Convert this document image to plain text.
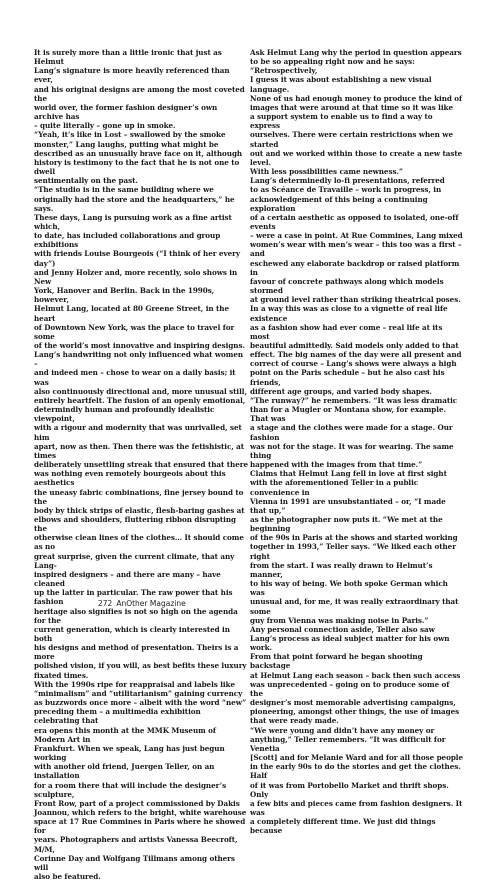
It is surely more than a little ironic that just as Helmut
Lang’s signature is more heavily referenced than ever,
and his original designs are among the most coveted the
world over, the former fashion designer’s own archive has
– quite literally – gone up in smoke.
“Yeah, it’s like in Lost – swallowed by the smoke
monster,” Lang laughs, putting what might be
described as an unusually brave face on it, although
history is testimony to the fact that he is not one to dwell
sentimentally on the past.
“The studio is in the same building where we
originally had the store and the headquarters,” he says.
These days, Lang is pursuing work as a fine artist which,
to date, has included collaborations and group exhibitions
with friends Louise Bourgeois (“I think of her every day”)
and Jenny Holzer and, more recently, solo shows in New
York, Hanover and Berlin. Back in the 1990s, however,
Helmut Lang, located at 80 Greene Street, in the heart
of Downtown New York, was the place to travel for some
of the world’s most innovative and inspiring designs.
Lang’s handwriting not only influenced what women –
and indeed men – chose to wear on a daily basis; it was
also continuously directional and, more unusual still,
entirely heartfelt. The fusion of an openly emotional,
determindly human and profoundly idealistic viewpoint,
with a rigour and modernity that was unrivalled, set him
apart, now as then. Then there was the fetishistic, at times
deliberately unsettling streak that ensured that there
was nothing even remotely bourgeois about this aesthetics
the uneasy fabric combinations, fine jersey bound to the
body by thick strips of elastic, flesh-baring gashes at
elbows and shoulders, fluttering ribbon disrupting the
otherwise clean lines of the clothes… It should come as no
great surprise, given the current climate, that any Lang-
inspired designers – and there are many – have cleaned
up the latter in particular. The raw power that his fashion
heritage also signifies is not so high on the agenda for the
current generation, which is clearly interested in both
his designs and method of presentation. Theirs is a more
polished vision, if you will, as best befits these luxury
fixated times.
With the 1990s ripe for reappraisal and labels like
“minimalism” and “utilitarianism” gaining currency
as buzzwords once more – albeit with the word “new”
preceding them – a multimedia exhibition celebrating that
era opens this month at the MMK Museum of Modern Art in
Frankfurt. When we speak, Lang has just begun working
with another old friend, Juergen Teller, on an installation
for a room there that will include the designer’s sculpture,
Front Row, part of a project commissioned by Dakis
Joannou, which refers to the bright, white warehouse
space at 17 Rue Commines in Paris where he showed for
years. Photographers and artists Vanessa Beecroft, M/M,
Corinne Day and Wolfgang Tillmans among others will
also be featured.

Ask Helmut Lang why the period in question appears
to be so appealing right now and he says: “Retrospectively,
I guess it was about establishing a new visual language.
None of us had enough money to produce the kind of
images that were around at that time so it was like
a support system to enable us to find a way to express
ourselves. There were certain restrictions when we started
out and we worked within those to create a new taste level.
With less possibilities came newness.”
Lang’s determinedly lo-fi presentations, referred
to as Scéance de Travaille – work in progress, in
acknowledgement of this being a continuing exploration
of a certain aesthetic as opposed to isolated, one-off events
– were a case in point. At Rue Commines, Lang mixed
women’s wear with men’s wear – this too was a first – and
eschewed any elaborate backdrop or raised platform in
favour of concrete pathways along which models stormed
at ground level rather than striking theatrical poses.
In a way this was as close to a vignette of real life existence
as a fashion show had ever come – real life at its most
beautiful admittedly. Said models only added to that
effect. The big names of the day were all present and
correct of course – Lang’s shows were always a high
point on the Paris schedule – but he also cast his friends,
different age groups, and varied body shapes.
“The runway?” he remembers. “It was less dramatic
than for a Mugler or Montana show, for example. That was
a stage and the clothes were made for a stage. Our fashion
was not for the stage. It was for wearing. The same thing
happened with the images from that time.”
Claims that Helmut Lang fell in love at first sight
with the aforementioned Teller in a public convenience in
Vienna in 1991 are unsubstantiated – or, “I made that up,”
as the photographer now puts it. “We met at the beginning
of the 90s in Paris at the shows and started working
together in 1993,” Teller says. “We liked each other right
from the start. I was really drawn to Helmut’s manner,
to his way of being. We both spoke German which was
unusual and, for me, it was really extraordinary that some
guy from Vienna was making noise in Paris.”
Any personal connection aside, Teller also saw
Lang’s process as ideal subject matter for his own work.
From that point forward he began shooting backstage
at Helmut Lang each season – back then such access
was unprecedented – going on to produce some of the
designer’s most memorable advertising campaigns,
pioneering, amongst other things, the use of images
that were ready made.
“We were young and didn’t have any money or
anything,” Teller remembers. “It was difficult for Venetia
[Scott] and for Melanie Ward and for all those people
in the early 90s to do the stories and get the clothes. Half
of it was from Portobello Market and thrift shops. Only
a few bits and pieces came from fashion designers. It was
a completely different time. We just did things because

272 AnOther Magazine
